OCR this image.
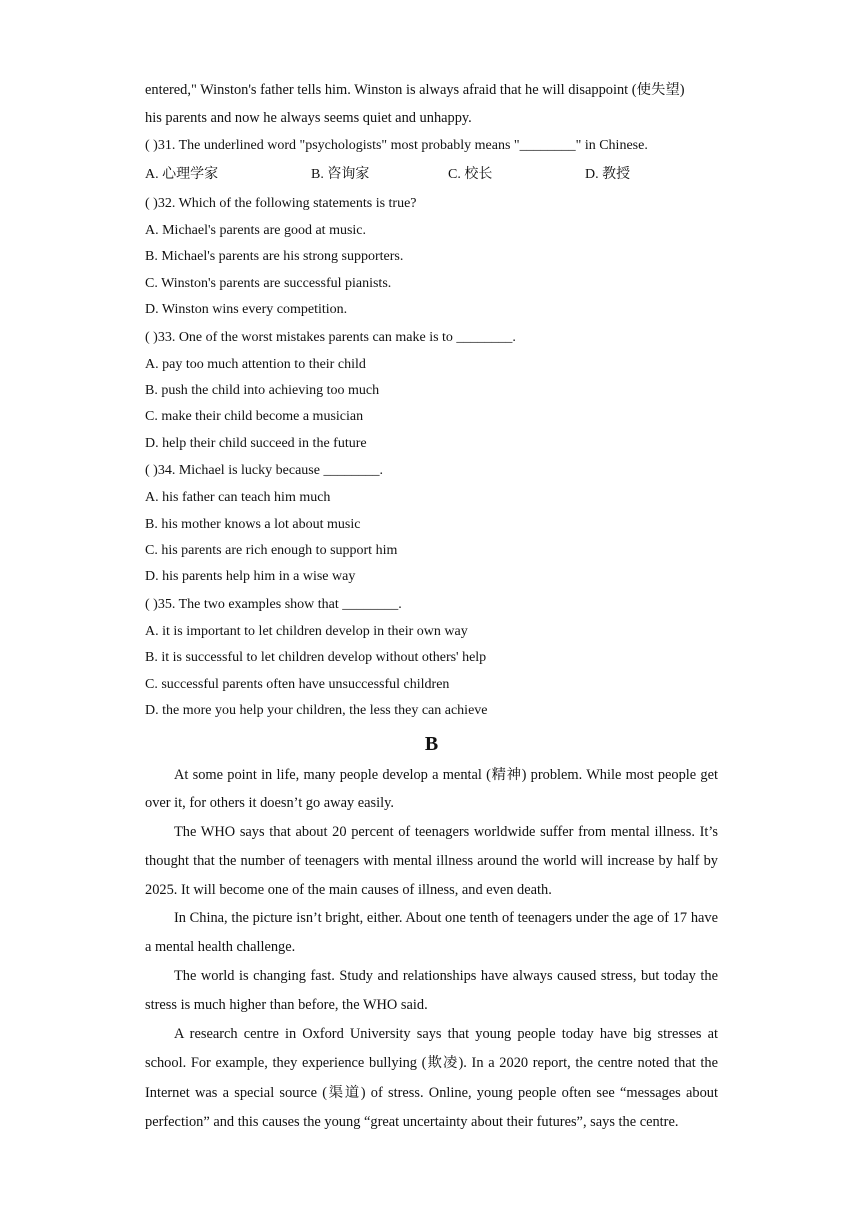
entered," Winston's father tells him. Winston is always afraid that he will disappoint (使失望)

his parents and now he always seems quiet and unhappy.

( )31. The underlined word "psychologists" most probably means "________" in Chinese.

A. 心理学家	B. 咨询家	C. 校长	D. 教授

( )32. Which of the following statements is true?

A. Michael's parents are good at music.

B. Michael's parents are his strong supporters.

C. Winston's parents are successful pianists.

D. Winston wins every competition.

( )33. One of the worst mistakes parents can make is to ________.

A. pay too much attention to their child

B. push the child into achieving too much

C. make their child become a musician

D. help their child succeed in the future

( )34. Michael is lucky because ________.

A. his father can teach him much

B. his mother knows a lot about music

C. his parents are rich enough to support him

D. his parents help him in a wise way

( )35. The two examples show that ________.

A. it is important to let children develop in their own way

B. it is successful to let children develop without others' help

C. successful parents often have unsuccessful children

D. the more you help your children, the less they can achieve

B

At some point in life, many people develop a mental (精神) problem. While most people get over it, for others it doesn’t go away easily.

The WHO says that about 20 percent of teenagers worldwide suffer from mental illness. It’s thought that the number of teenagers with mental illness around the world will increase by half by 2025. It will become one of the main causes of illness, and even death.

In China, the picture isn’t bright, either. About one tenth of teenagers under the age of 17 have a mental health challenge.

The world is changing fast. Study and relationships have always caused stress, but today the stress is much higher than before, the WHO said.

A research centre in Oxford University says that young people today have big stresses at school. For example, they experience bullying (欺凌). In a 2020 report, the centre noted that the Internet was a special source (渠道) of stress. Online, young people often see “messages about perfection” and this causes the young “great uncertainty about their futures”, says the centre.
